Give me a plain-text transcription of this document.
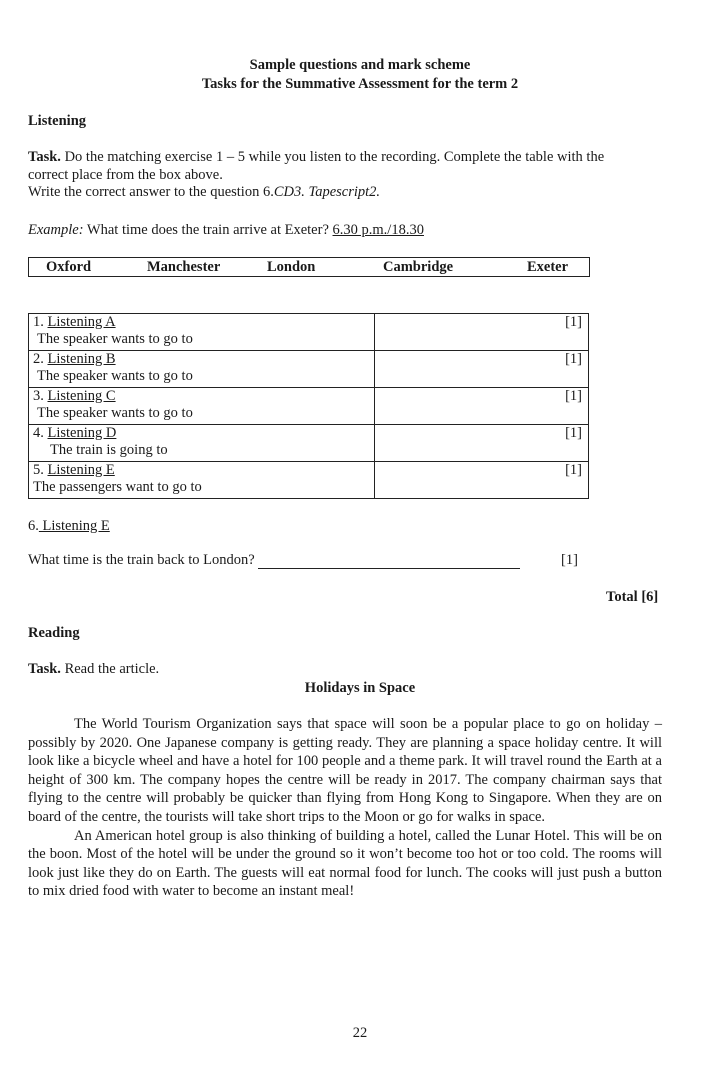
Sample questions and mark scheme
Tasks for the Summative Assessment for the term 2
Listening

Task. Do the matching exercise 1 – 5 while you listen to the recording. Complete the table with the

correct place from the box above.

Write the correct answer to the question 6.CD3. Tapescript2.

Example: What time does the train arrive at Exeter? 6.30 p.m./18.30
Oxford	Manchester	London	Cambridge	Exeter
1. Listening A
The speaker wants to go to	[1]
2. Listening B
The speaker wants to go to	[1]
3. Listening C
The speaker wants to go to	[1]
4. Listening D
The train is going to	[1]
5. Listening E
The passengers want to go to	[1]
6. Listening E
What time is the train back to London?	[1]
Total [6]
Reading
Task. Read the article.
Holidays in Space

The World Tourism Organization says that space will soon be a popular place to go on holiday – possibly by 2020. One Japanese company is getting ready. They are planning a space holiday centre. It will look like a bicycle wheel and have a hotel for 100 people and a theme park. It will travel round the Earth at a height of 300 km. The company hopes the centre will be ready in 2017. The company chairman says that flying to the centre will probably be quicker than flying from Hong Kong to Singapore. When they are on board of the centre, the tourists will take short trips to the Moon or go for walks in space.

An American hotel group is also thinking of building a hotel, called the Lunar Hotel. This will be on the boon. Most of the hotel will be under the ground so it won’t become too hot or too cold. The rooms will look just like they do on Earth. The guests will eat normal food for lunch. The cooks will just push a button to mix dried food with water to become an instant meal!

22
